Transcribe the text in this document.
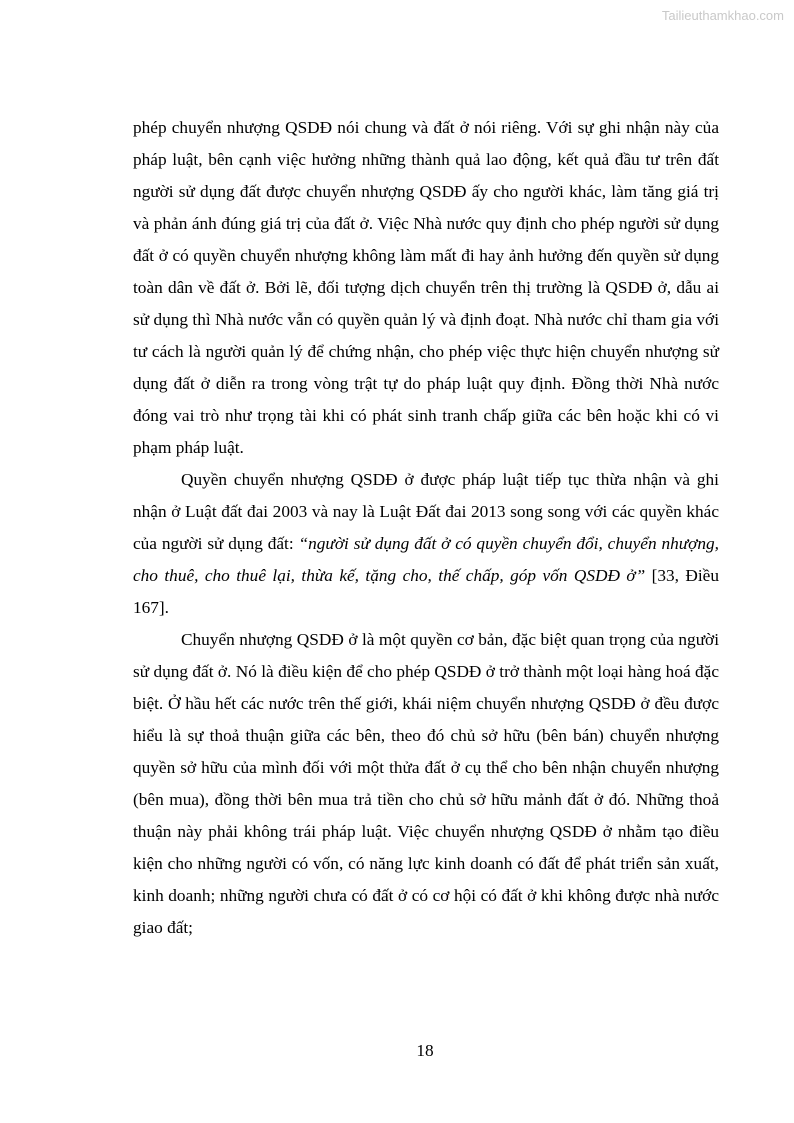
Tailieuthamkhao.com

phép chuyển nhượng QSDĐ nói chung và đất ở nói riêng. Với sự ghi nhận này của pháp luật, bên cạnh việc hưởng những thành quả lao động, kết quả đầu tư trên đất người sử dụng đất được chuyển nhượng QSDĐ ấy cho người khác, làm tăng giá trị và phản ánh đúng giá trị của đất ở. Việc Nhà nước quy định cho phép người sử dụng đất ở có quyền chuyển nhượng không làm mất đi hay ảnh hưởng đến quyền sử dụng toàn dân về đất ở. Bởi lẽ, đối tượng dịch chuyển trên thị trường là QSDĐ ở, dẫu ai sử dụng thì Nhà nước vẫn có quyền quản lý và định đoạt. Nhà nước chỉ tham gia với tư cách là người quản lý để chứng nhận, cho phép việc thực hiện chuyển nhượng sử dụng đất ở diễn ra trong vòng trật tự do pháp luật quy định. Đồng thời Nhà nước đóng vai trò như trọng tài khi có phát sinh tranh chấp giữa các bên hoặc khi có vi phạm pháp luật.

Quyền chuyển nhượng QSDĐ ở được pháp luật tiếp tục thừa nhận và ghi nhận ở Luật đất đai 2003 và nay là Luật Đất đai 2013 song song với các quyền khác của người sử dụng đất: “người sử dụng đất ở có quyền chuyển đổi, chuyển nhượng, cho thuê, cho thuê lại, thừa kế, tặng cho, thế chấp, góp vốn QSDĐ ở” [33, Điều 167].

Chuyển nhượng QSDĐ ở là một quyền cơ bản, đặc biệt quan trọng của người sử dụng đất ở. Nó là điều kiện để cho phép QSDĐ ở trở thành một loại hàng hoá đặc biệt. Ở hầu hết các nước trên thế giới, khái niệm chuyển nhượng QSDĐ ở đều được hiểu là sự thoả thuận giữa các bên, theo đó chủ sở hữu (bên bán) chuyển nhượng quyền sở hữu của mình đối với một thửa đất ở cụ thể cho bên nhận chuyển nhượng (bên mua), đồng thời bên mua trả tiền cho chủ sở hữu mảnh đất ở đó. Những thoả thuận này phải không trái pháp luật. Việc chuyển nhượng QSDĐ ở nhằm tạo điều kiện cho những người có vốn, có năng lực kinh doanh có đất để phát triển sản xuất, kinh doanh; những người chưa có đất ở có cơ hội có đất ở khi không được nhà nước giao đất;

18
